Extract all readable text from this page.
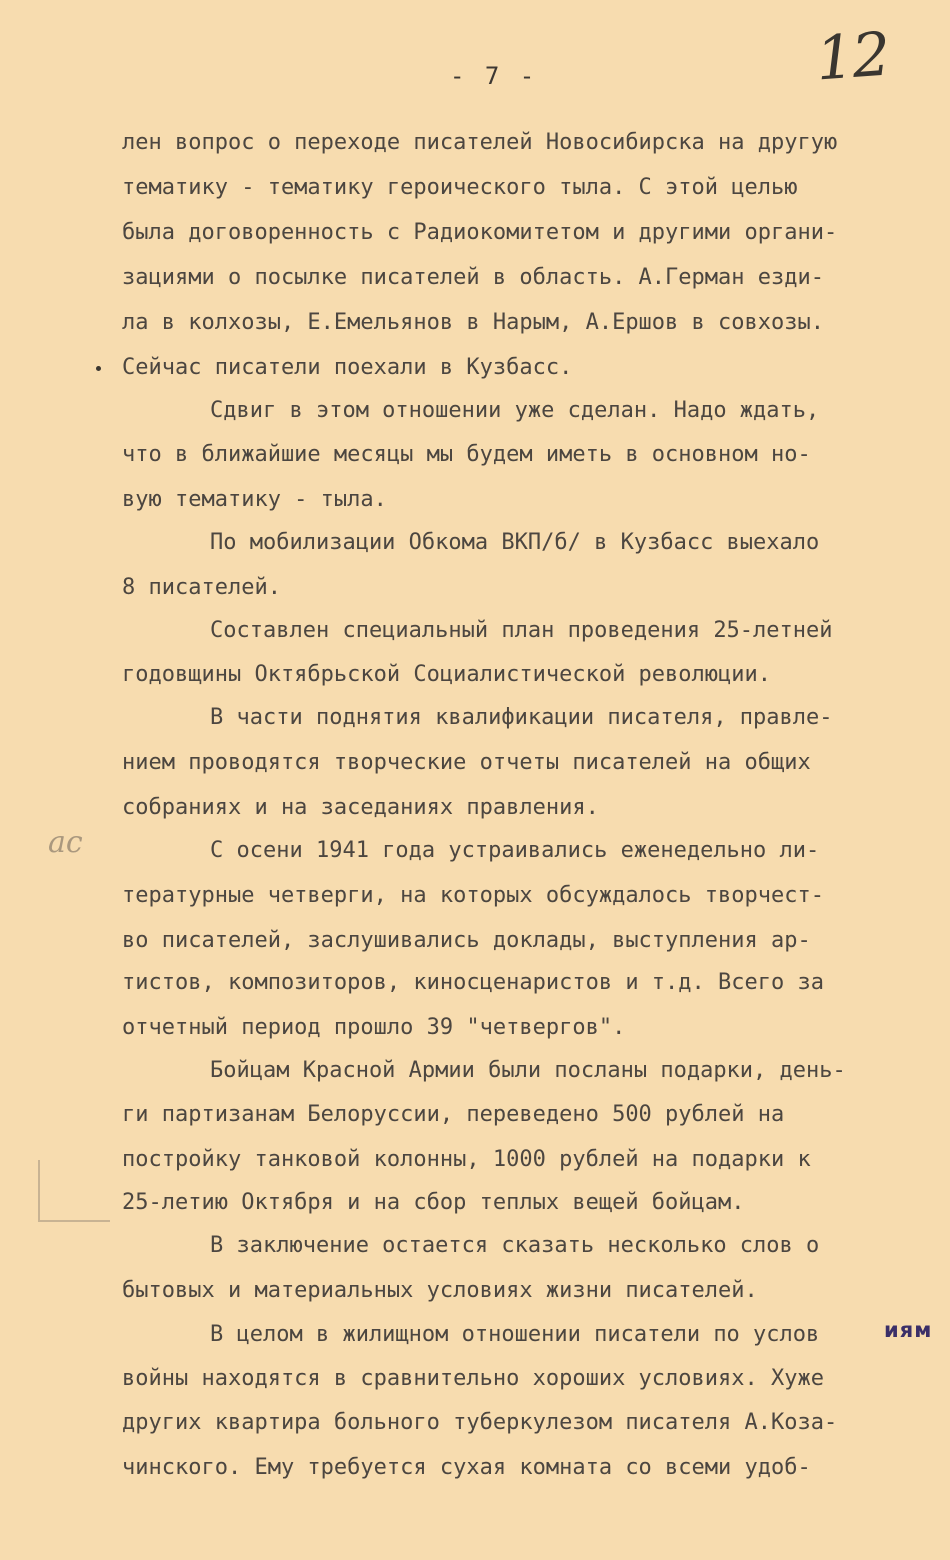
- 7 -	12
ас
иям
лен вопрос о переходе писателей Новосибирска на другую
тематику - тематику героического тыла. С этой целью
была договоренность с Радиокомитетом и другими органи-
зациями о посылке писателей в область. А.Герман езди-
ла в колхозы, Е.Емельянов в Нарым, А.Ершов в совхозы.
Сейчас писатели поехали в Кузбасс.
Сдвиг в этом отношении уже сделан. Надо ждать,
что в ближайшие месяцы мы будем иметь в основном но-
вую тематику - тыла.
По мобилизации Обкома ВКП/б/ в Кузбасс выехало
8 писателей.
Составлен специальный план проведения 25-летней
годовщины Октябрьской Социалистической революции.
В части поднятия квалификации писателя, правле-
нием проводятся творческие отчеты писателей на общих
собраниях и на заседаниях правления.
С осени 1941 года устраивались еженедельно ли-
тературные четверги, на которых обсуждалось творчест-
во писателей, заслушивались доклады, выступления ар-
тистов, композиторов, киносценаристов и т.д. Всего за
отчетный период прошло 39 "четвергов".
Бойцам Красной Армии были посланы подарки, день-
ги партизанам Белоруссии, переведено 500 рублей на
постройку танковой колонны, 1000 рублей на подарки к
25-летию Октября и на сбор теплых вещей бойцам.
В заключение остается сказать несколько слов о
бытовых и материальных условиях жизни писателей.
В целом в жилищном отношении писатели по услов
войны находятся в сравнительно хороших условиях. Хуже
других квартира больного туберкулезом писателя А.Коза-
чинского. Ему требуется сухая комната со всеми удоб-
